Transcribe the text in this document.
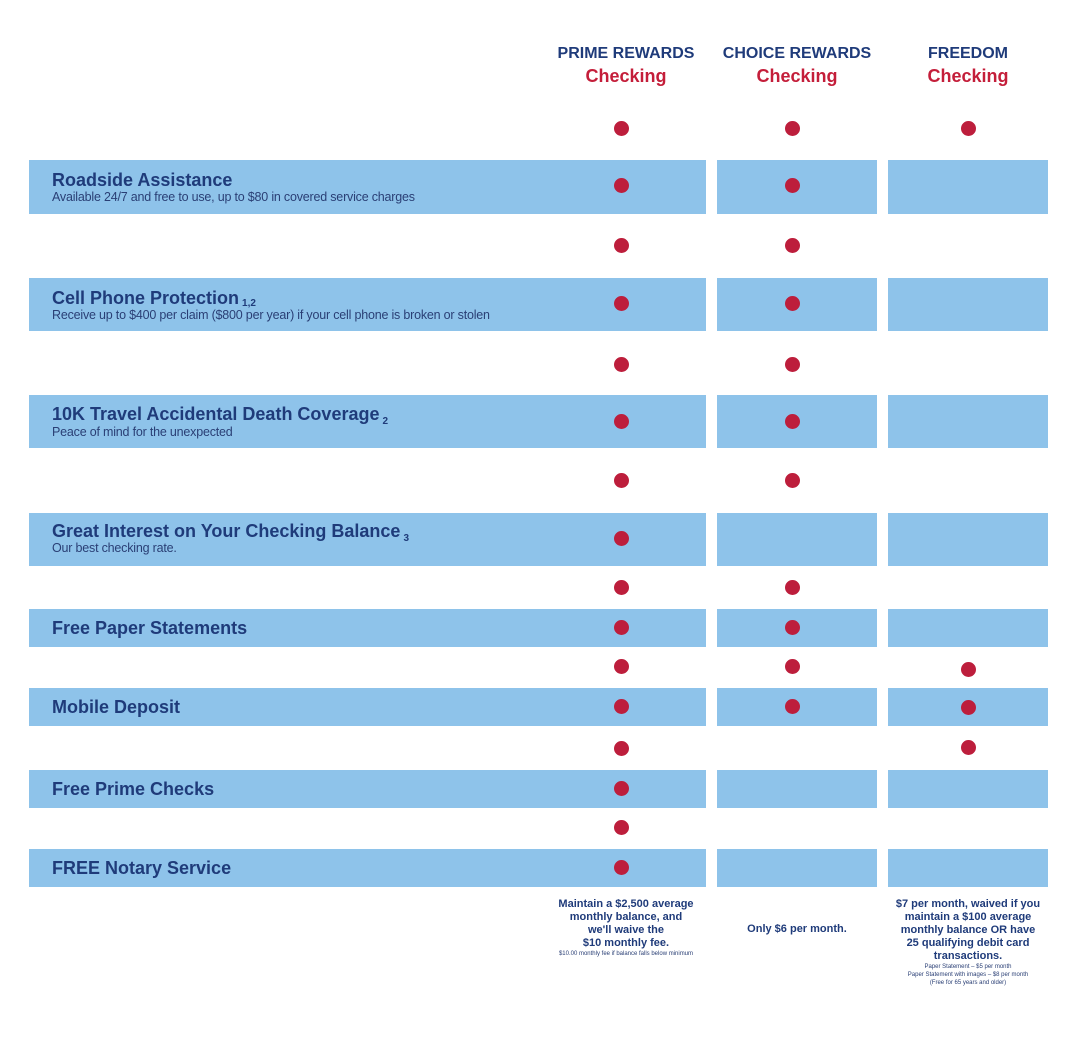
PRIME REWARDS
Checking
CHOICE REWARDS
Checking
FREEDOM
Checking
Roadside Assistance
Available 24/7 and free to use, up to $80 in covered service charges
Cell Phone Protection $^{1,2}$
Receive up to $400 per claim ($800 per year) if your cell phone is broken or stolen
10K Travel Accidental Death Coverage $_2$
Peace of mind for the unexpected
Great Interest on Your Checking Balance $_3$
Our best checking rate.
Free Paper Statements
Mobile Deposit
Free Prime Checks
FREE Notary Service
Maintain a $2,500 average
monthly balance, and
we'll waive the
$10 monthly fee.
$10.00 monthly fee if balance falls below minimum
Only $6 per month.
$7 per month, waived if you
maintain a $100 average
monthly balance OR have
25 qualifying debit card
transactions.
Paper Statement – $5 per month
Paper Statement with images – $8 per month
(Free for 65 years and older)
